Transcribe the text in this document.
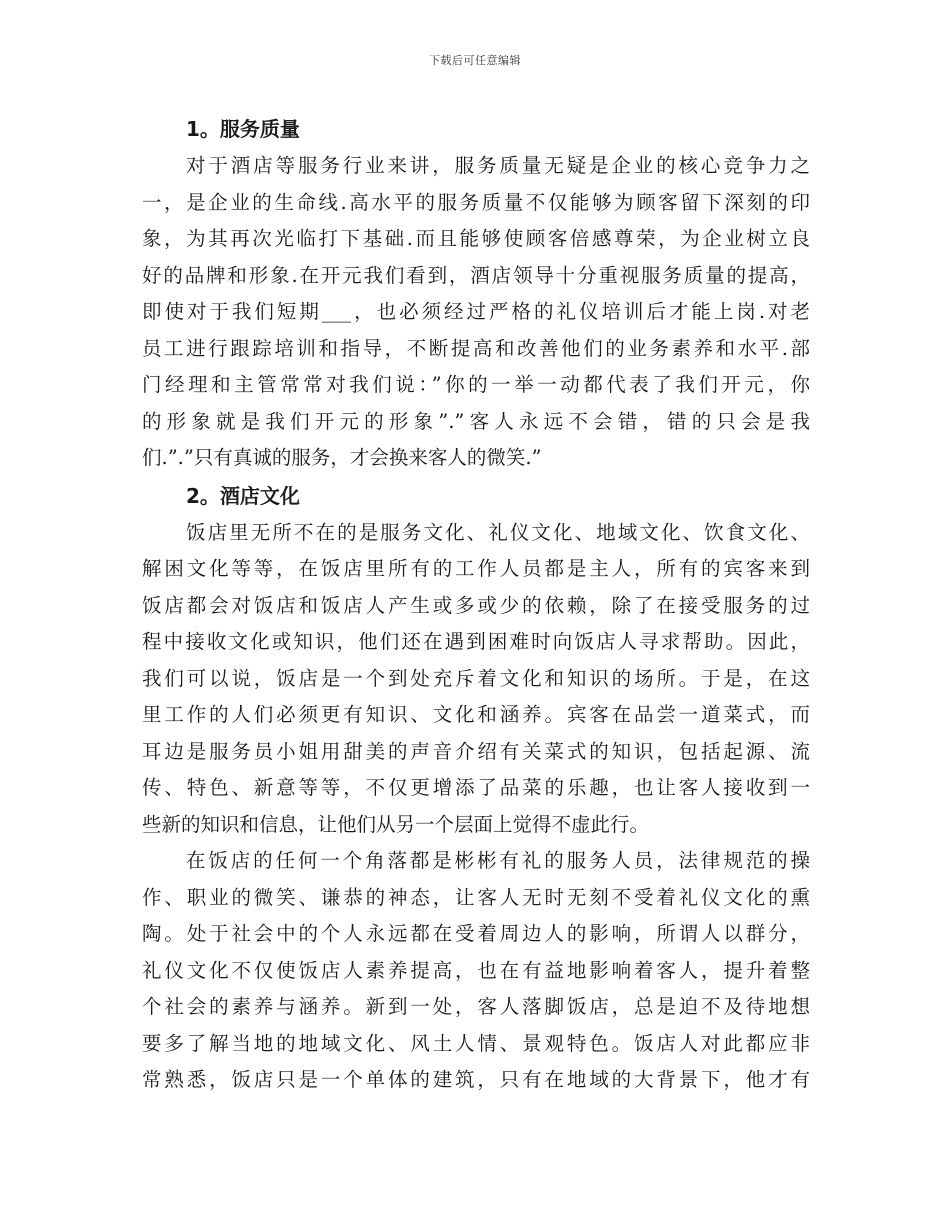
下载后可任意编辑
1。服务质量
对于酒店等服务行业来讲，服务质量无疑是企业的核心竞争力之
一，是企业的生命线.高水平的服务质量不仅能够为顾客留下深刻的印
象，为其再次光临打下基础.而且能够使顾客倍感尊荣，为企业树立良
好的品牌和形象.在开元我们看到，酒店领导十分重视服务质量的提高，
即使对于我们短期___，也必须经过严格的礼仪培训后才能上岗.对老
员工进行跟踪培训和指导，不断提高和改善他们的业务素养和水平.部
门经理和主管常常对我们说：”你的一举一动都代表了我们开元，你
的形象就是我们开元的形象”.”客人永远不会错，错的只会是我
们.”.”只有真诚的服务，才会换来客人的微笑.”
2。酒店文化
饭店里无所不在的是服务文化、礼仪文化、地域文化、饮食文化、
解困文化等等，在饭店里所有的工作人员都是主人，所有的宾客来到
饭店都会对饭店和饭店人产生或多或少的依赖，除了在接受服务的过
程中接收文化或知识，他们还在遇到困难时向饭店人寻求帮助。因此，
我们可以说，饭店是一个到处充斥着文化和知识的场所。于是，在这
里工作的人们必须更有知识、文化和涵养。宾客在品尝一道菜式，而
耳边是服务员小姐用甜美的声音介绍有关菜式的知识，包括起源、流
传、特色、新意等等，不仅更增添了品菜的乐趣，也让客人接收到一
些新的知识和信息，让他们从另一个层面上觉得不虚此行。
在饭店的任何一个角落都是彬彬有礼的服务人员，法律规范的操
作、职业的微笑、谦恭的神态，让客人无时无刻不受着礼仪文化的熏
陶。处于社会中的个人永远都在受着周边人的影响，所谓人以群分，
礼仪文化不仅使饭店人素养提高，也在有益地影响着客人，提升着整
个社会的素养与涵养。新到一处，客人落脚饭店，总是迫不及待地想
要多了解当地的地域文化、风土人情、景观特色。饭店人对此都应非
常熟悉，饭店只是一个单体的建筑，只有在地域的大背景下，他才有
